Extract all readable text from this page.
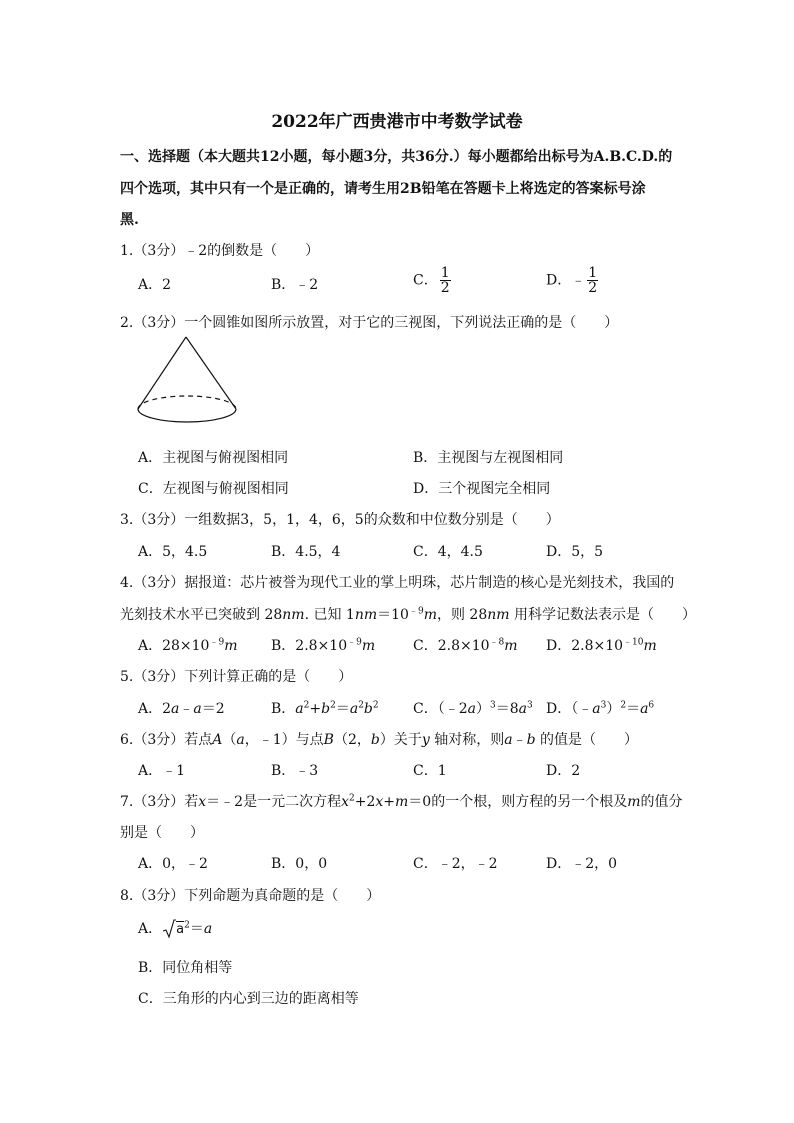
2022年广西贵港市中考数学试卷
一、选择题（本大题共12小题，每小题3分，共36分.）每小题都给出标号为A.B.C.D.的
四个选项，其中只有一个是正确的，请考生用2B铅笔在答题卡上将选定的答案标号涂
黑.
1.（3分）﹣2的倒数是（　　）
A．2	B．﹣2	C． $\frac{1}{2}$	D．﹣ $\frac{1}{2}$
2.（3分）一个圆锥如图所示放置，对于它的三视图，下列说法正确的是（　　）
A．主视图与俯视图相同	B．主视图与左视图相同
C．左视图与俯视图相同	D．三个视图完全相同
3.（3分）一组数据3，5，1，4，6，5的众数和中位数分别是（　　）
A．5，4.5	B．4.5，4	C．4，4.5	D．5，5
4.（3分）据报道：芯片被誉为现代工业的掌上明珠，芯片制造的核心是光刻技术，我国的
光刻技术水平已突破到 28nm. 已知 $1nm=10^{﹣9}m$，则 28nm 用科学记数法表示是（　　）
A．$28\times 10^{﹣9}m$ B．$2.8\times 10^{﹣9}m$	C．$2.8\times 10^{﹣8}m$ D．$2.8\times 10^{﹣10}m$
5.（3分）下列计算正确的是（　　）
A．2a﹣a＝2	B．$a^2+b^2=a^2b^2$ C．$(﹣2a)^3=8a^3$ D．$(﹣a^3)^2=a^6$
6.（3分）若点A（a，﹣1）与点B（2，b）关于y 轴对称，则a﹣b 的值是（　　）
A．﹣1	B．﹣3	C．1	D．2
7.（3分）若x＝﹣2是一元二次方程$x^2+2x+m=0$的一个根，则方程的另一个根及m的值分
别是（　　）
A．0，﹣2	B．0，0	C．﹣2，﹣2	D．﹣2，0
8.（3分）下列命题为真命题的是（　　）
A． $a^2=a$
B．同位角相等
C．三角形的内心到三边的距离相等
